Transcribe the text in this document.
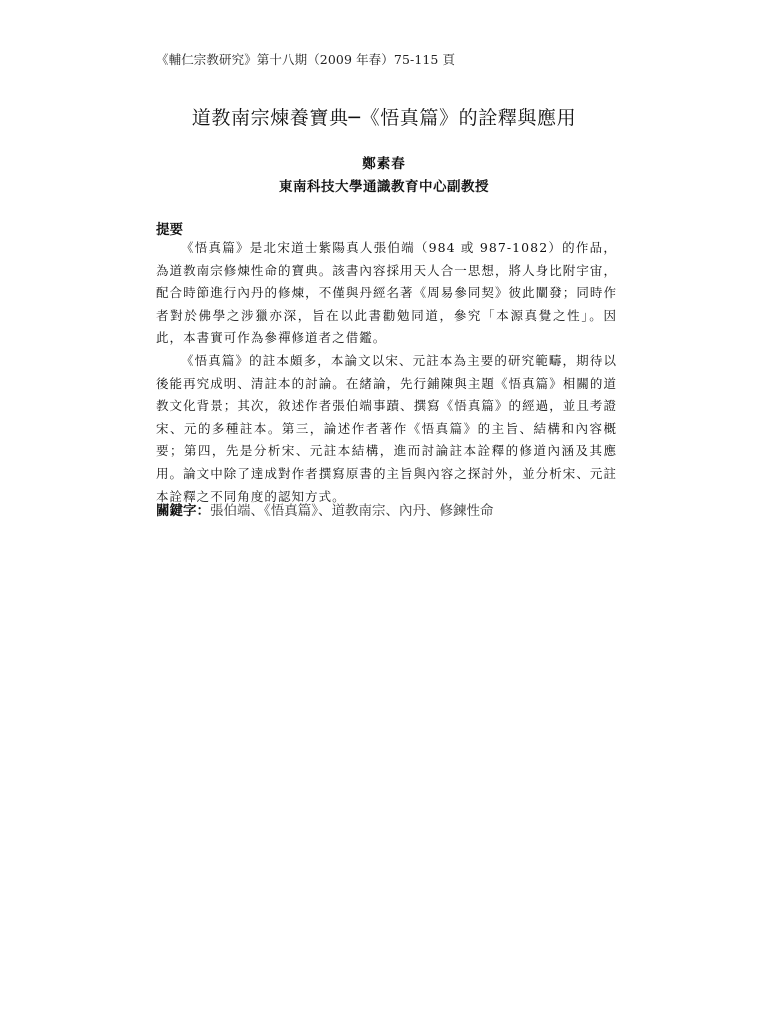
《輔仁宗教研究》第十八期（2009 年春）75-115 頁
道教南宗煉養寶典─《悟真篇》的詮釋與應用
鄭素春
東南科技大學通識教育中心副教授
提要

《悟真篇》是北宋道士紫陽真人張伯端（984 或 987-1082）的作品，為道教南宗修煉性命的寶典。該書內容採用天人合一思想，將人身比附宇宙，配合時節進行內丹的修煉，不僅與丹經名著《周易參同契》彼此闡發；同時作者對於佛學之涉獵亦深，旨在以此書勸勉同道，參究「本源真覺之性」。因此，本書實可作為參禪修道者之借鑑。

《悟真篇》的註本頗多，本論文以宋、元註本為主要的研究範疇，期待以後能再究成明、清註本的討論。在緒論，先行鋪陳與主題《悟真篇》相關的道教文化背景；其次，敘述作者張伯端事蹟、撰寫《悟真篇》的經過，並且考證宋、元的多種註本。第三，論述作者著作《悟真篇》的主旨、結構和內容概要；第四，先是分析宋、元註本結構，進而討論註本詮釋的修道內涵及其應用。論文中除了達成對作者撰寫原書的主旨與內容之探討外，並分析宋、元註本詮釋之不同角度的認知方式。

關鍵字：張伯端、《悟真篇》、道教南宗、內丹、修鍊性命
